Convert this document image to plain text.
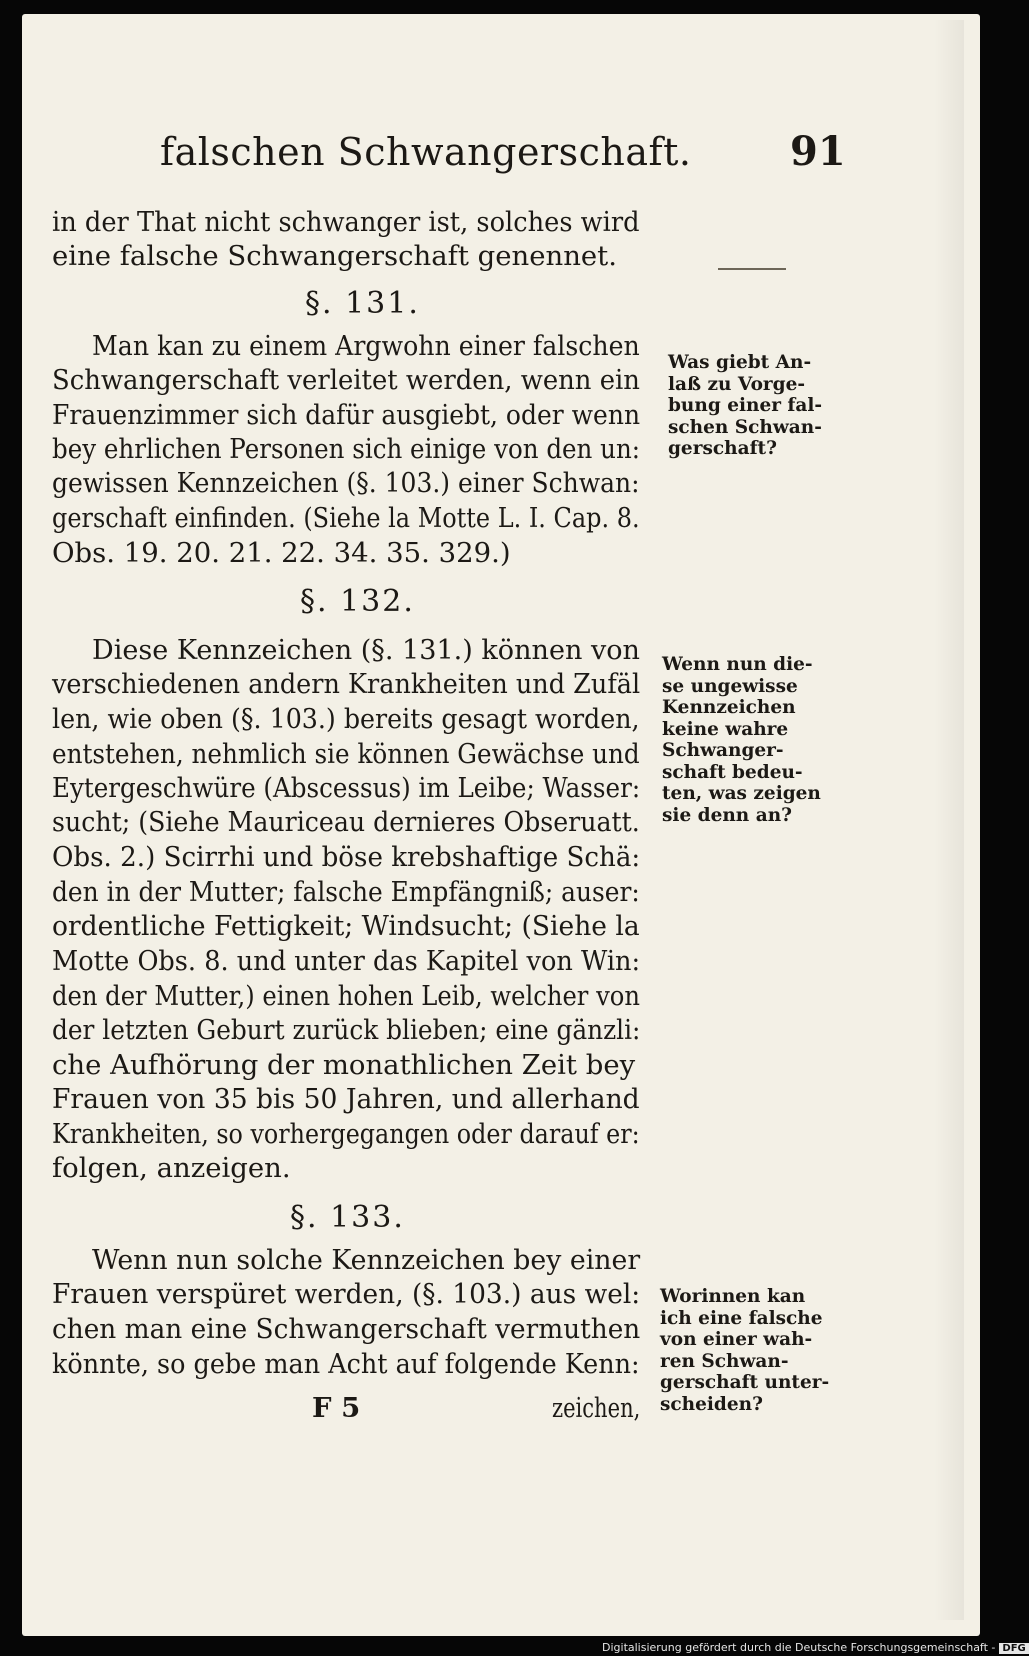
falschen Schwangerschaft. 91
in der That nicht schwanger ist, solches wird
eine falsche Schwangerschaft genennet.
§. 131.
Man kan zu einem Argwohn einer falschen
Schwangerschaft verleitet werden, wenn ein
Frauenzimmer sich dafür ausgiebt, oder wenn
bey ehrlichen Personen sich einige von den un:
gewissen Kennzeichen (§. 103.) einer Schwan:
gerschaft einfinden. (Siehe la Motte L. I. Cap. 8.
Obs. 19. 20. 21. 22. 34. 35. 329.)
§. 132.
Diese Kennzeichen (§. 131.) können von
verschiedenen andern Krankheiten und Zufäl
len, wie oben (§. 103.) bereits gesagt worden,
entstehen, nehmlich sie können Gewächse und
Eytergeschwüre (Abscessus) im Leibe; Wasser:
sucht; (Siehe Mauriceau dernieres Obseruatt.
Obs. 2.) Scirrhi und böse krebshaftige Schä:
den in der Mutter; falsche Empfängniß; auser:
ordentliche Fettigkeit; Windsucht; (Siehe la
Motte Obs. 8. und unter das Kapitel von Win:
den der Mutter,) einen hohen Leib, welcher von
der letzten Geburt zurück blieben; eine gänzli:
che Aufhörung der monathlichen Zeit bey
Frauen von 35 bis 50 Jahren, und allerhand
Krankheiten, so vorhergegangen oder darauf er:
folgen, anzeigen.
§. 133.
Wenn nun solche Kennzeichen bey einer
Frauen verspüret werden, (§. 103.) aus wel:
chen man eine Schwangerschaft vermuthen
könnte, so gebe man Acht auf folgende Kenn:
F 5	zeichen,
Was giebt An-
laß zu Vorge-
bung einer fal-
schen Schwan-
gerschaft?
Wenn nun die-
se ungewisse
Kennzeichen
keine wahre
Schwanger-
schaft bedeu-
ten, was zeigen
sie denn an?
Worinnen kan
ich eine falsche
von einer wah-
ren Schwan-
gerschaft unter-
scheiden?
Digitalisierung gefördert durch die Deutsche Forschungsgemeinschaft - DFG
